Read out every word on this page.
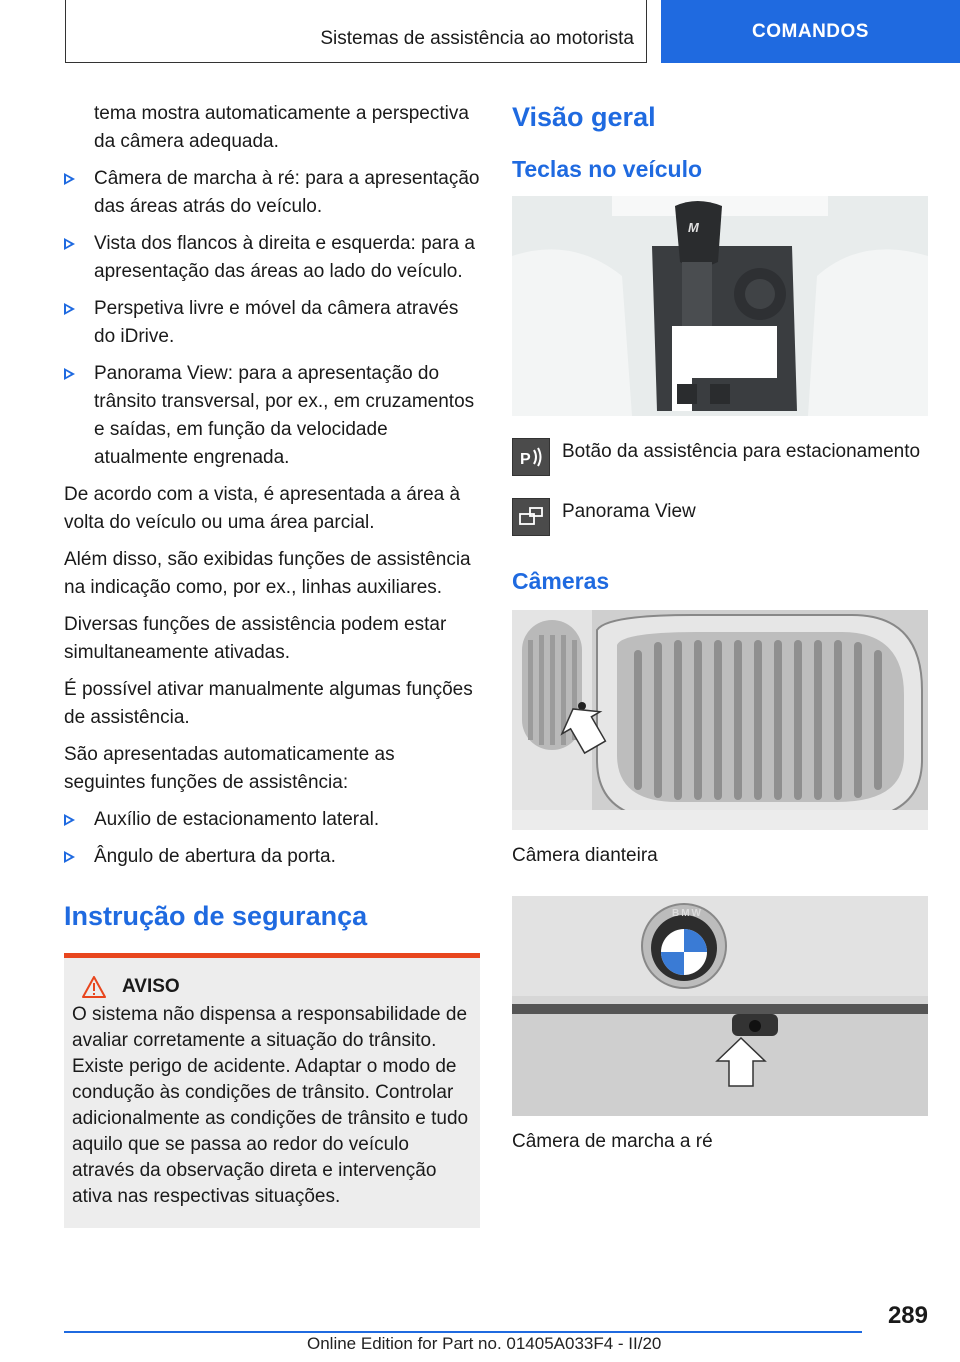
Sistemas de assistência ao motorista	COMANDOS

tema mostra automaticamente a perspectiva da câmera adequada.

Câmera de marcha à ré: para a apresentação das áreas atrás do veículo.

Vista dos flancos à direita e esquerda: para a apresentação das áreas ao lado do veículo.

Perspetiva livre e móvel da câmera através do iDrive.

Panorama View: para a apresentação do trânsito transversal, por ex., em cruzamentos e saídas, em função da velocidade atualmente engrenada.

De acordo com a vista, é apresentada a área à volta do veículo ou uma área parcial.

Além disso, são exibidas funções de assistência na indicação como, por ex., linhas auxiliares.

Diversas funções de assistência podem estar simultaneamente ativadas.

É possível ativar manualmente algumas funções de assistência.

São apresentadas automaticamente as seguintes funções de assistência:

Auxílio de estacionamento lateral.

Ângulo de abertura da porta.

Instrução de segurança
AVISO

O sistema não dispensa a responsabilidade de avaliar corretamente a situação do trânsito. Existe perigo de acidente. Adaptar o modo de condução às condições de trânsito. Controlar adicionalmente as condições de trânsito e tudo aquilo que se passa ao redor do veículo através da observação direta e intervenção ativa nas respectivas situações.

Visão geral
Teclas no veículo
M
P Botão da assistência para estacionamento

Panorama View

Câmeras

Câmera dianteira

BMW

Câmera de marcha a ré

289
Online Edition for Part no. 01405A033F4 - II/20
